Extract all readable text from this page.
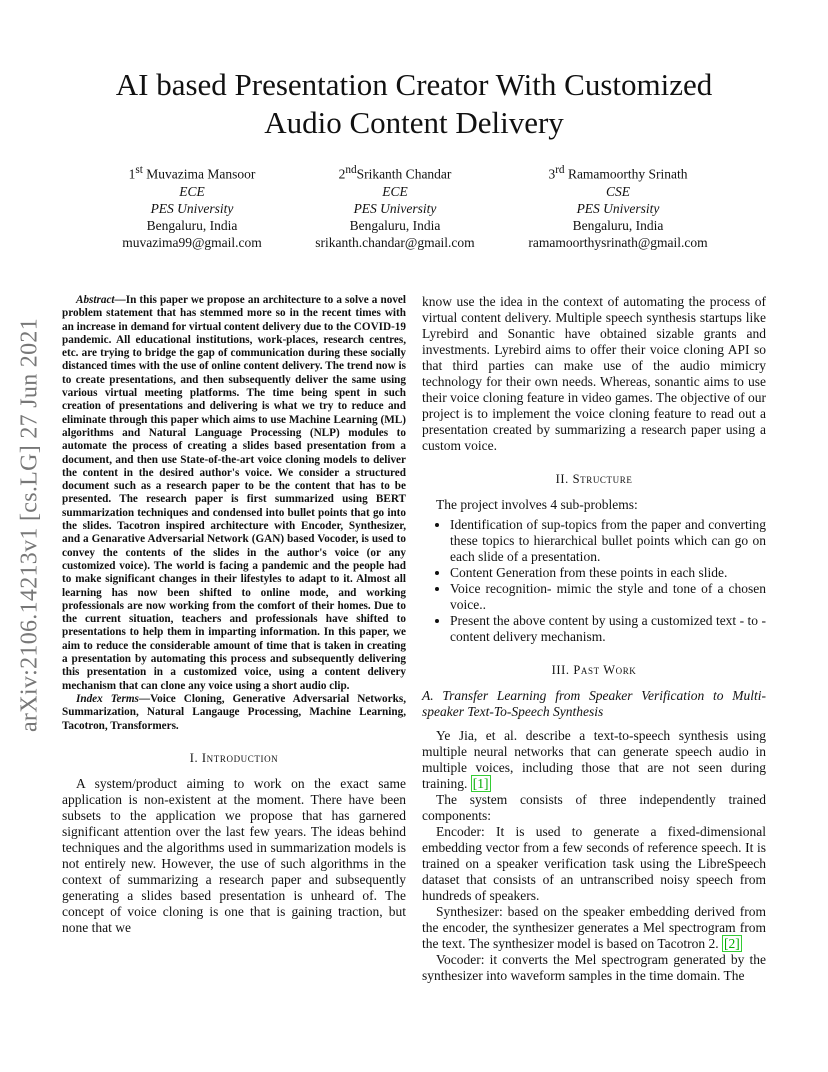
arXiv:2106.14213v1 [cs.LG] 27 Jun 2021
AI based Presentation Creator With Customized
Audio Content Delivery
1st Muvazima Mansoor
ECE
PES University
Bengaluru, India
muvazima99@gmail.com
2ndSrikanth Chandar
ECE
PES University
Bengaluru, India
srikanth.chandar@gmail.com
3rd Ramamoorthy Srinath
CSE
PES University
Bengaluru, India
ramamoorthysrinath@gmail.com

Abstract—In this paper we propose an architecture to a solve a novel problem statement that has stemmed more so in the recent times with an increase in demand for virtual content delivery due to the COVID-19 pandemic. All educational institutions, work-places, research centres, etc. are trying to bridge the gap of communication during these socially distanced times with the use of online content delivery. The trend now is to create presentations, and then subsequently deliver the same using various virtual meeting platforms. The time being spent in such creation of presentations and delivering is what we try to reduce and eliminate through this paper which aims to use Machine Learning (ML) algorithms and Natural Language Processing (NLP) modules to automate the process of creating a slides based presentation from a document, and then use State-of-the-art voice cloning models to deliver the content in the desired author's voice. We consider a structured document such as a research paper to be the content that has to be presented. The research paper is first summarized using BERT summarization techniques and condensed into bullet points that go into the slides. Tacotron inspired architecture with Encoder, Synthesizer, and a Genarative Adversarial Network (GAN) based Vocoder, is used to convey the contents of the slides in the author's voice (or any customized voice). The world is facing a pandemic and the people had to make significant changes in their lifestyles to adapt to it. Almost all learning has now been shifted to online mode, and working professionals are now working from the comfort of their homes. Due to the current situation, teachers and professionals have shifted to presentations to help them in imparting information. In this paper, we aim to reduce the considerable amount of time that is taken in creating a presentation by automating this process and subsequently delivering this presentation in a customized voice, using a content delivery mechanism that can clone any voice using a short audio clip.

Index Terms—Voice Cloning, Generative Adversarial Networks, Summarization, Natural Langauge Processing, Machine Learning, Tacotron, Transformers.

I. Introduction

A system/product aiming to work on the exact same application is non-existent at the moment. There have been subsets to the application we propose that has garnered significant attention over the last few years. The ideas behind techniques and the algorithms used in summarization models is not entirely new. However, the use of such algorithms in the context of summarizing a research paper and subsequently generating a slides based presentation is unheard of. The concept of voice cloning is one that is gaining traction, but none that we

know use the idea in the context of automating the process of virtual content delivery. Multiple speech synthesis startups like Lyrebird and Sonantic have obtained sizable grants and investments. Lyrebird aims to offer their voice cloning API so that third parties can make use of the audio mimicry technology for their own needs. Whereas, sonantic aims to use their voice cloning feature in video games. The objective of our project is to implement the voice cloning feature to read out a presentation created by summarizing a research paper using a custom voice.

II. Structure

The project involves 4 sub-problems:

• Identification of sup-topics from the paper and converting these topics to hierarchical bullet points which can go on each slide of a presentation.
• Content Generation from these points in each slide.
• Voice recognition- mimic the style and tone of a chosen voice..
• Present the above content by using a customized text - to - content delivery mechanism.
III. Past Work
A. Transfer Learning from Speaker Verification to Multi-speaker Text-To-Speech Synthesis

Ye Jia, et al. describe a text-to-speech synthesis using multiple neural networks that can generate speech audio in multiple voices, including those that are not seen during training. [1]

The system consists of three independently trained components:

Encoder: It is used to generate a fixed-dimensional embedding vector from a few seconds of reference speech. It is trained on a speaker verification task using the LibreSpeech dataset that consists of an untranscribed noisy speech from hundreds of speakers.

Synthesizer: based on the speaker embedding derived from the encoder, the synthesizer generates a Mel spectrogram from the text. The synthesizer model is based on Tacotron 2. [2]

Vocoder: it converts the Mel spectrogram generated by the synthesizer into waveform samples in the time domain. The
